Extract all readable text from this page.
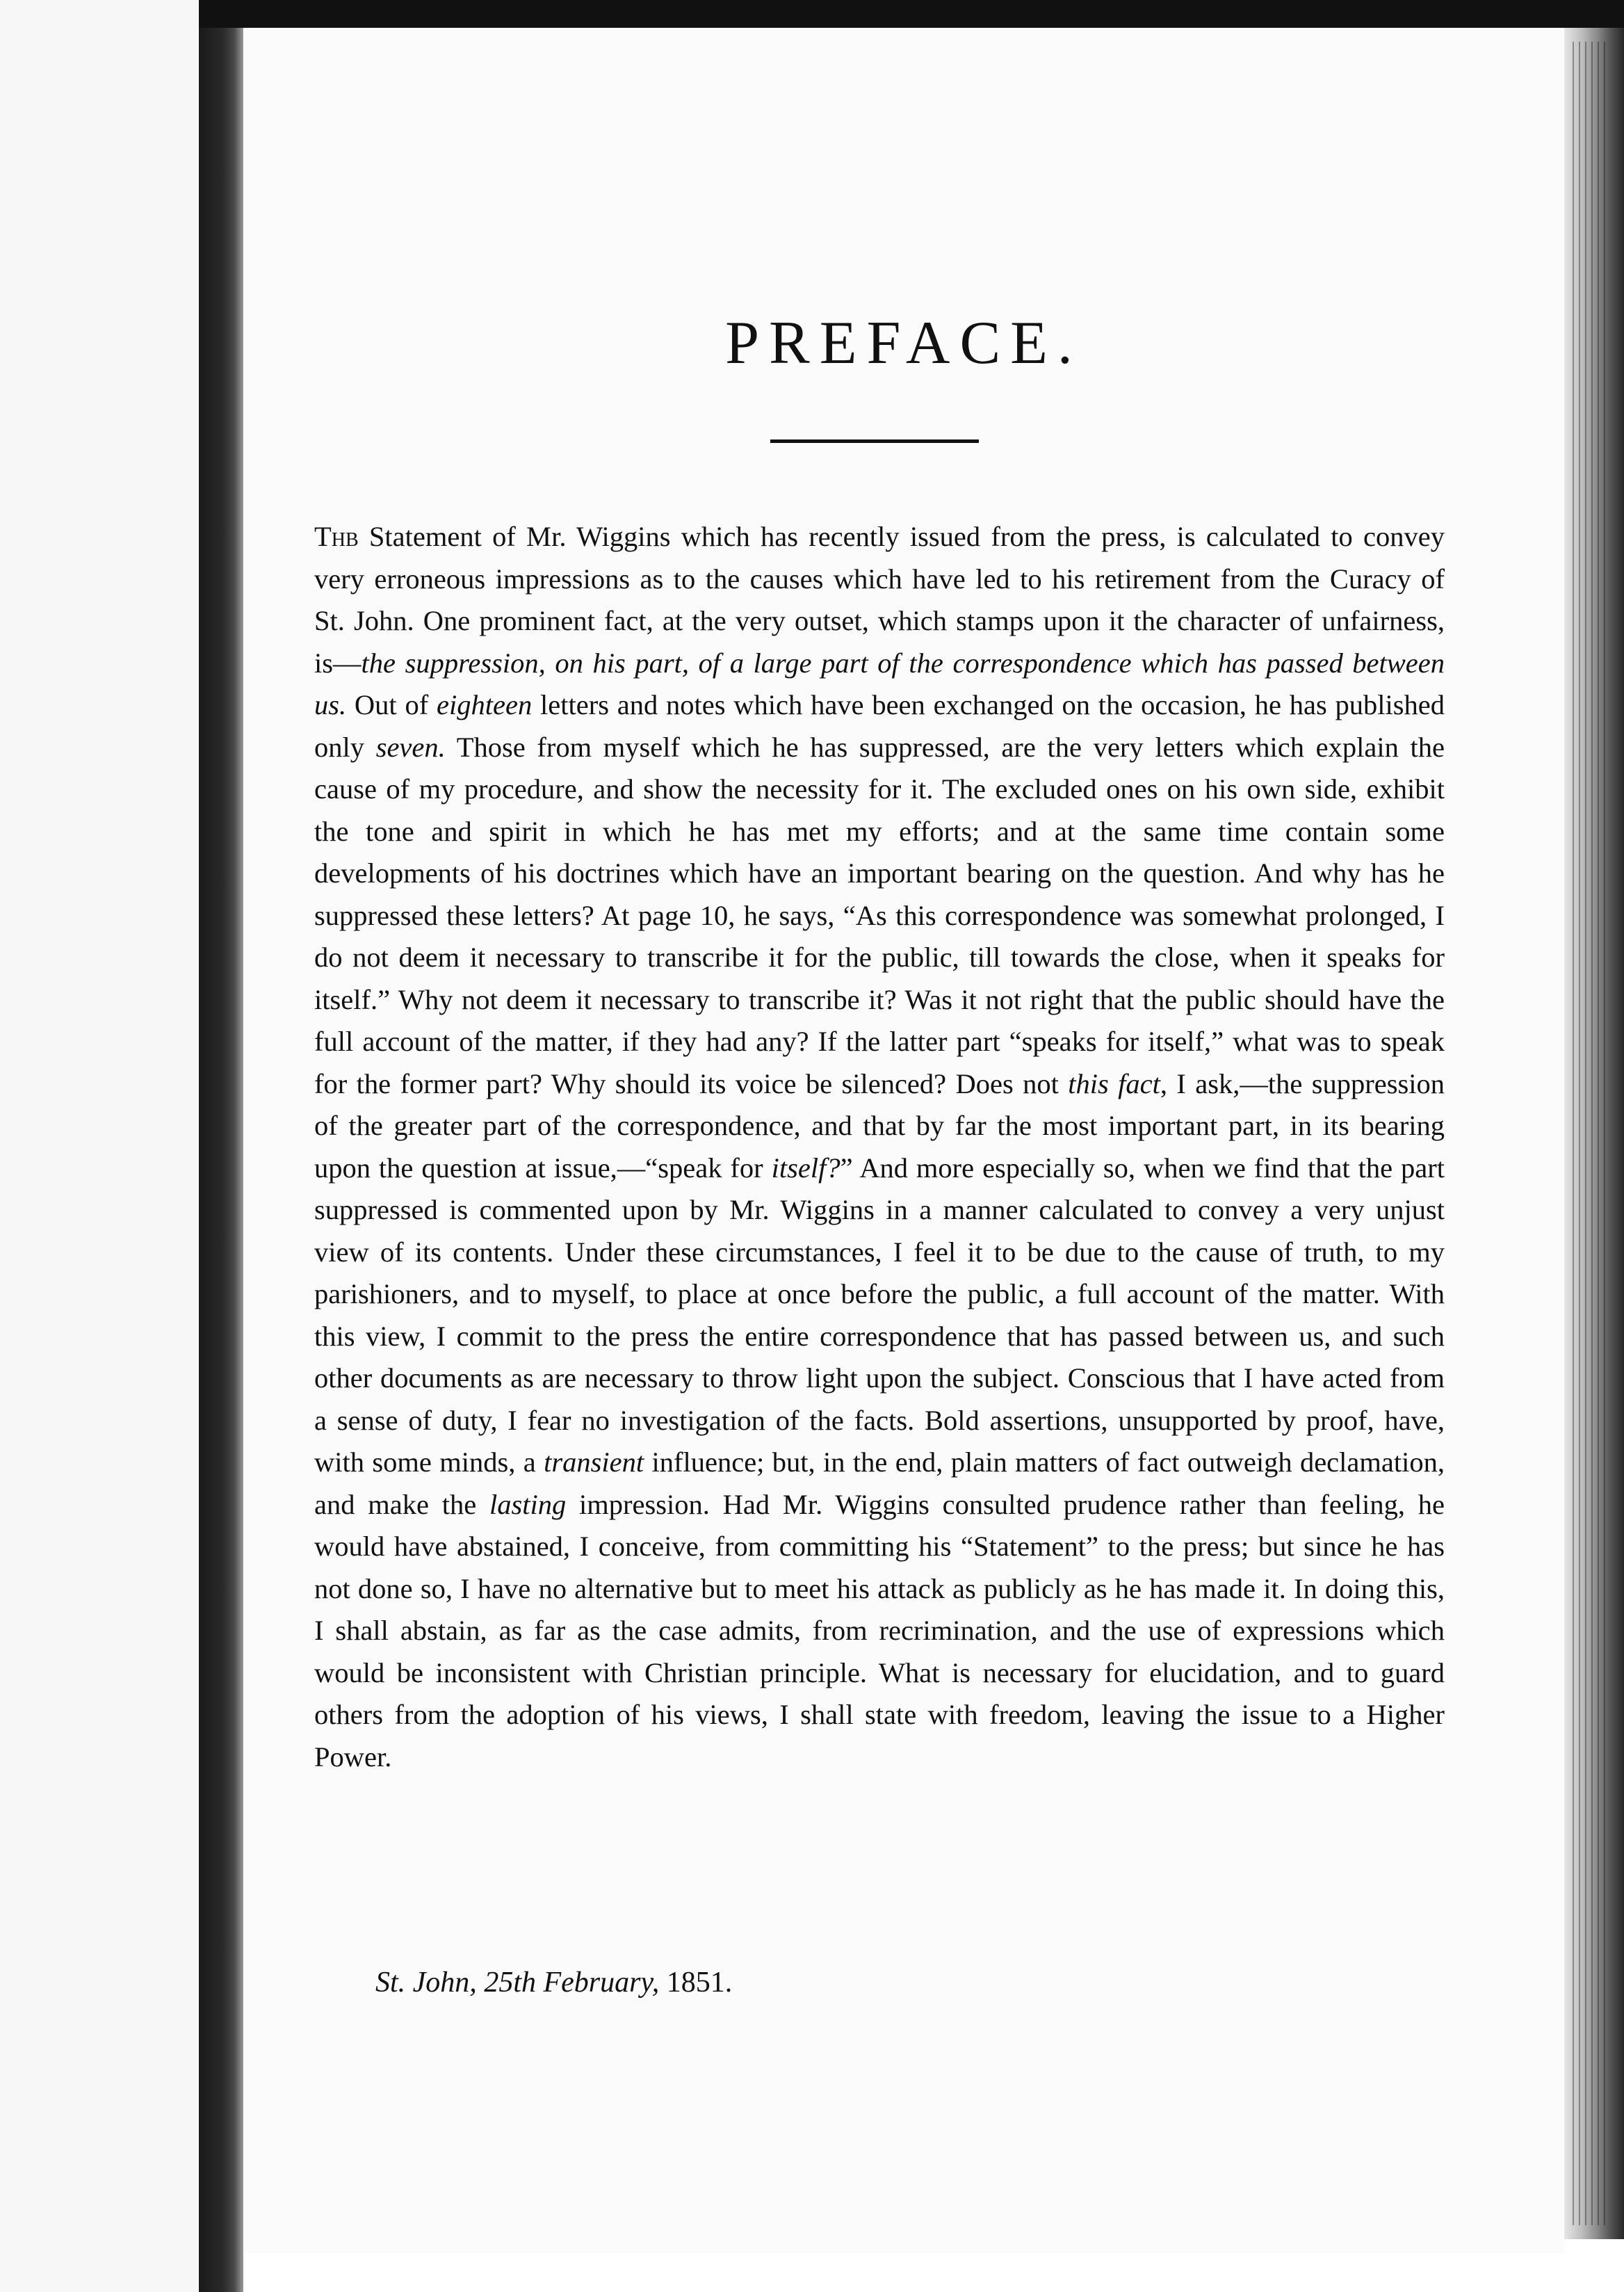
PREFACE.

Thb Statement of Mr. Wiggins which has recently issued from the press, is calculated to convey very erroneous impressions as to the causes which have led to his retirement from the Curacy of St. John. One prominent fact, at the very outset, which stamps upon it the character of unfairness, is—the suppression, on his part, of a large part of the correspondence which has passed between us. Out of eighteen letters and notes which have been exchanged on the occasion, he has published only seven. Those from myself which he has suppressed, are the very letters which explain the cause of my procedure, and show the necessity for it. The excluded ones on his own side, exhibit the tone and spirit in which he has met my efforts; and at the same time contain some developments of his doctrines which have an important bearing on the question. And why has he suppressed these letters? At page 10, he says, “As this correspondence was somewhat prolonged, I do not deem it necessary to transcribe it for the public, till towards the close, when it speaks for itself.” Why not deem it necessary to transcribe it? Was it not right that the public should have the full account of the matter, if they had any? If the latter part “speaks for itself,” what was to speak for the former part? Why should its voice be silenced? Does not this fact, I ask,—the suppression of the greater part of the correspondence, and that by far the most important part, in its bearing upon the question at issue,—“speak for itself?” And more especially so, when we find that the part suppressed is commented upon by Mr. Wiggins in a manner calculated to convey a very unjust view of its contents. Under these circumstances, I feel it to be due to the cause of truth, to my parishioners, and to myself, to place at once before the public, a full account of the matter. With this view, I commit to the press the entire correspondence that has passed between us, and such other documents as are necessary to throw light upon the subject. Conscious that I have acted from a sense of duty, I fear no investigation of the facts. Bold assertions, unsupported by proof, have, with some minds, a transient influence; but, in the end, plain matters of fact outweigh declamation, and make the lasting impression. Had Mr. Wiggins consulted prudence rather than feeling, he would have abstained, I conceive, from committing his “Statement” to the press; but since he has not done so, I have no alternative but to meet his attack as publicly as he has made it. In doing this, I shall abstain, as far as the case admits, from recrimination, and the use of expressions which would be inconsistent with Christian principle. What is necessary for elucidation, and to guard others from the adoption of his views, I shall state with freedom, leaving the issue to a Higher Power.

St. John, 25th February, 1851.
